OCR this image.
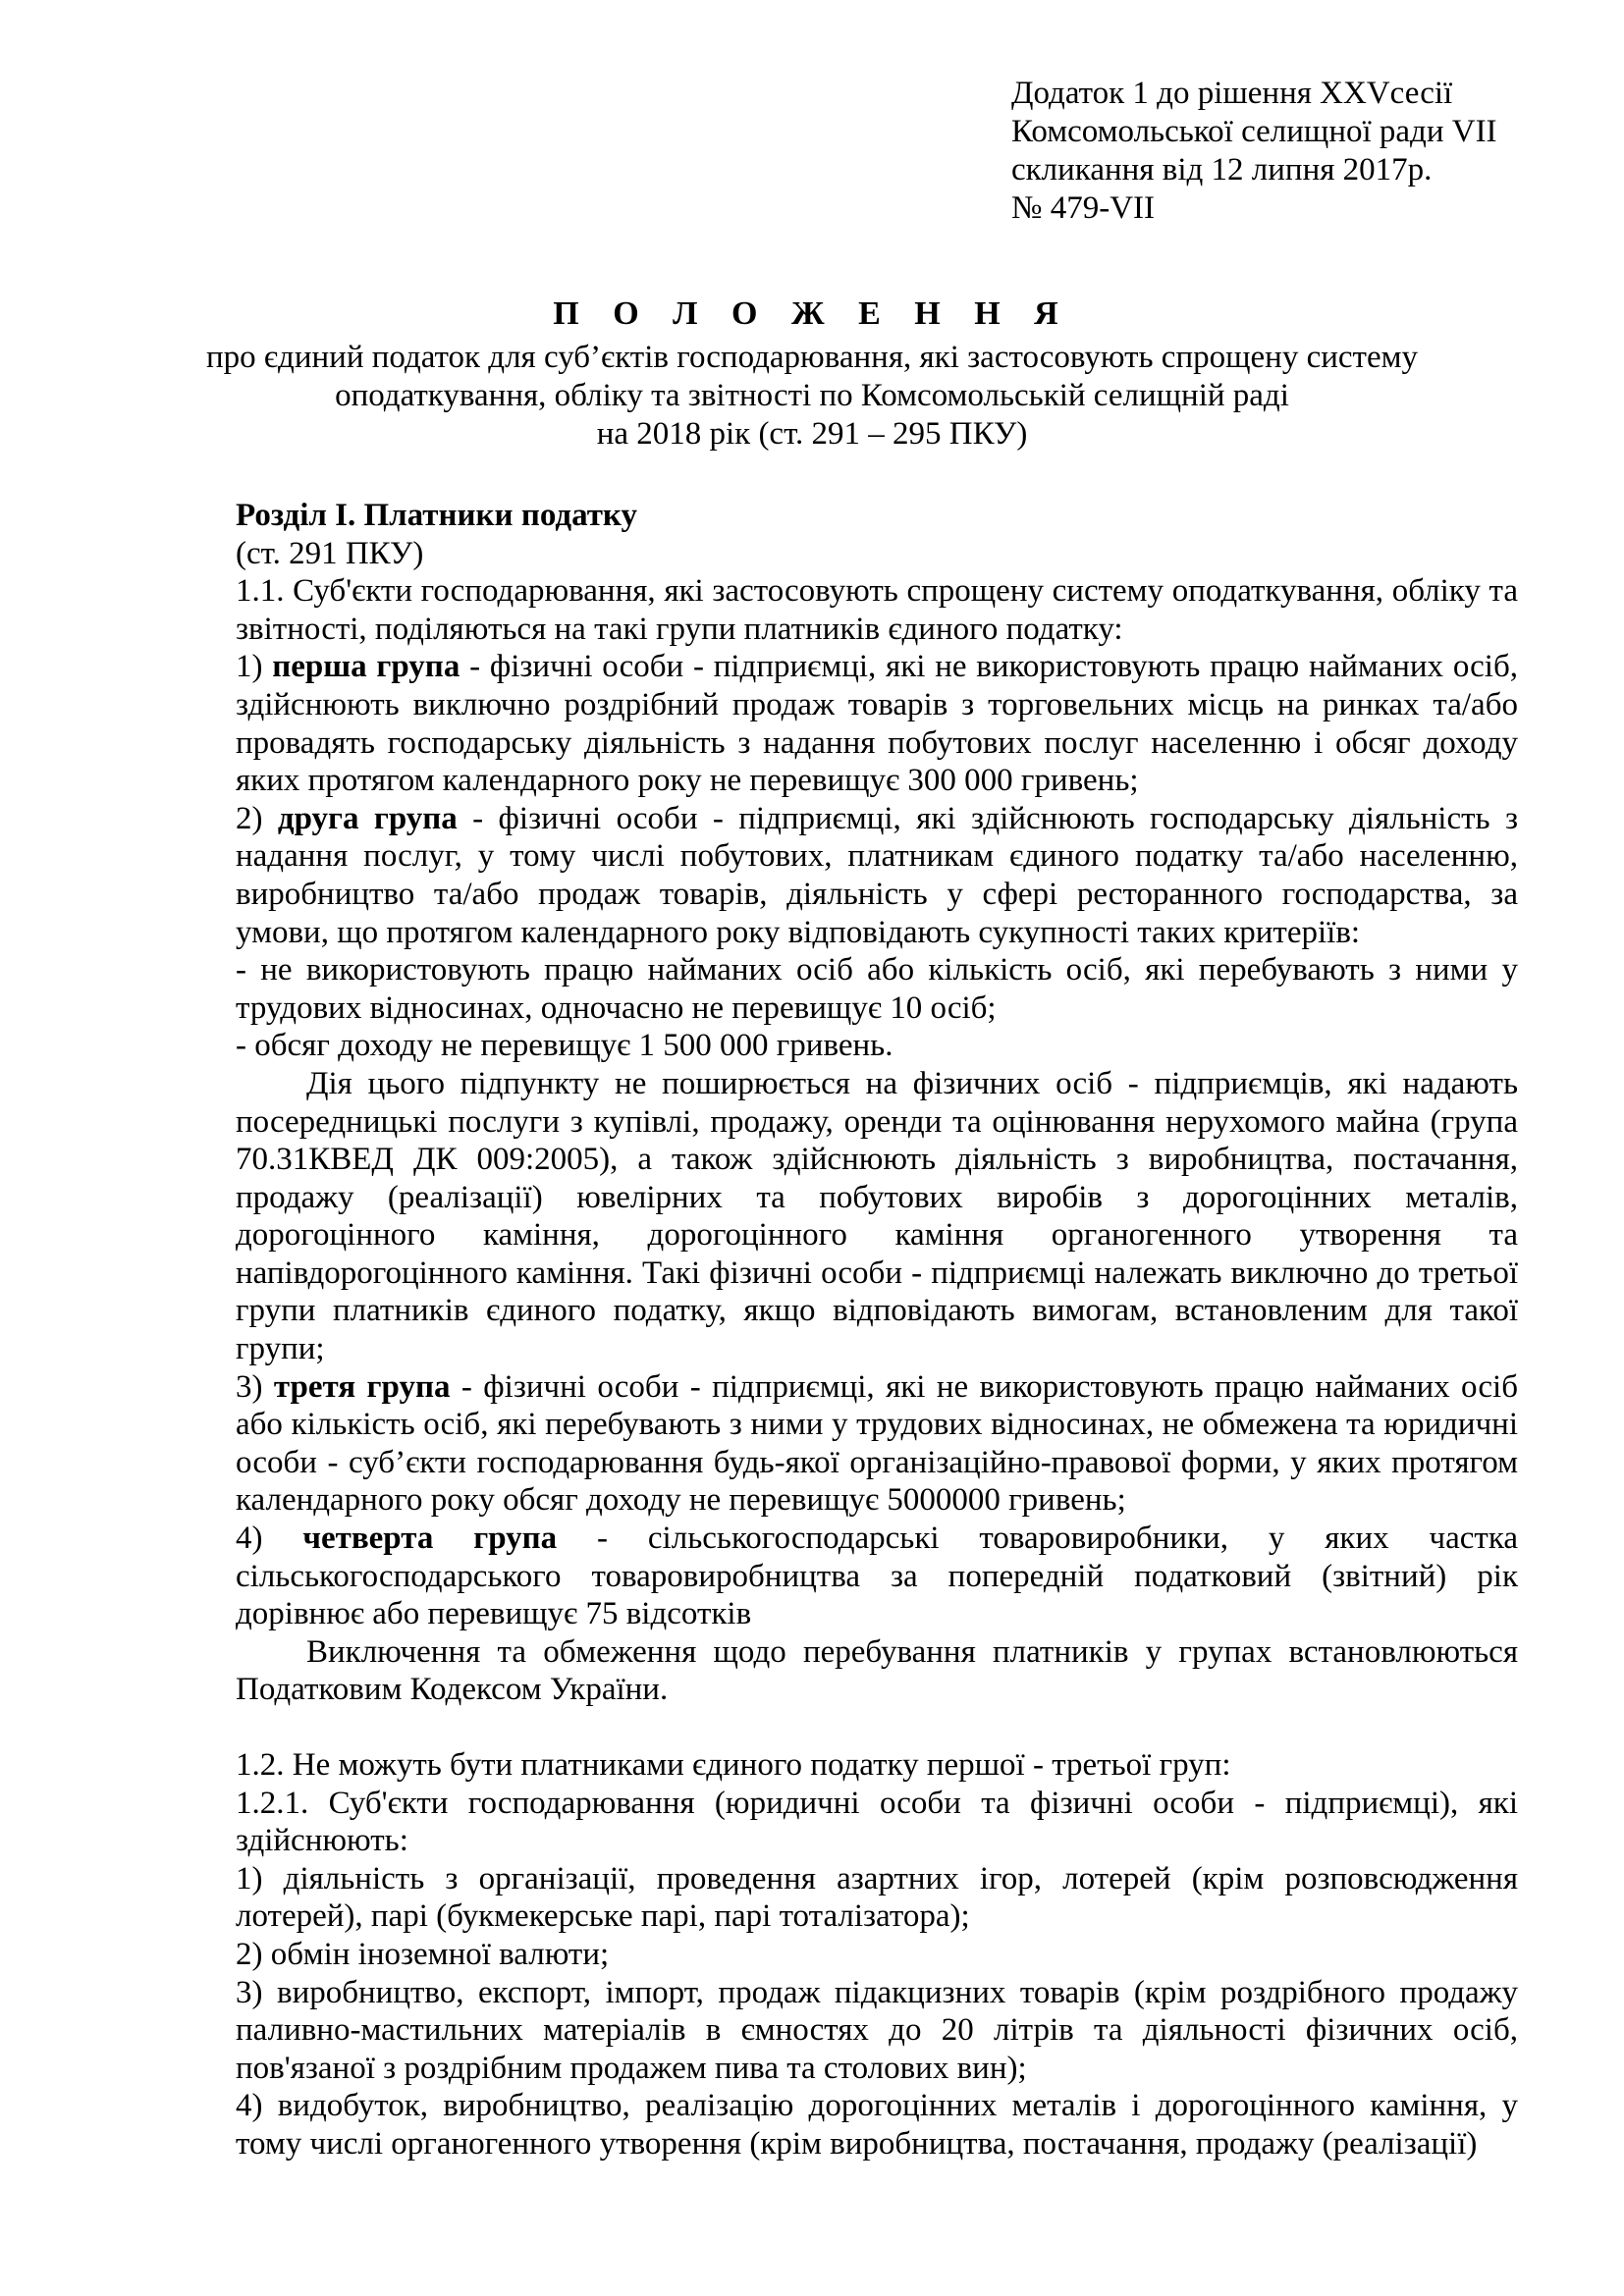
Додаток 1 до рішення XXVсесії
Комсомольської селищної ради VII
скликання від 12 липня 2017р.
№ 479-VII

П О Л О Ж Е Н Н Я

про єдиний податок для суб’єктів господарювання, які застосовують спрощену систему
оподаткування, обліку та звітності по Комсомольській селищній раді
на 2018 рік (ст. 291 – 295 ПКУ)

Розділ І. Платники податку

(ст. 291 ПКУ)

1.1. Суб'єкти господарювання, які застосовують спрощену систему оподаткування, обліку та звітності, поділяються на такі групи платників єдиного податку:

1) перша група - фізичні особи - підприємці, які не використовують працю найманих осіб, здійснюють виключно роздрібний продаж товарів з торговельних місць на ринках та/або провадять господарську діяльність з надання побутових послуг населенню і обсяг доходу яких протягом календарного року не перевищує 300 000 гривень;

2) друга група - фізичні особи - підприємці, які здійснюють господарську діяльність з надання послуг, у тому числі побутових, платникам єдиного податку та/або населенню, виробництво та/або продаж товарів, діяльність у сфері ресторанного господарства, за умови, що протягом календарного року відповідають сукупності таких критеріїв:

- не використовують працю найманих осіб або кількість осіб, які перебувають з ними у трудових відносинах, одночасно не перевищує 10 осіб;

- обсяг доходу не перевищує 1 500 000 гривень.

Дія цього підпункту не поширюється на фізичних осіб - підприємців, які надають посередницькі послуги з купівлі, продажу, оренди та оцінювання нерухомого майна (група 70.31КВЕД ДК 009:2005), а також здійснюють діяльність з виробництва, постачання, продажу (реалізації) ювелірних та побутових виробів з дорогоцінних металів, дорогоцінного каміння, дорогоцінного каміння органогенного утворення та напівдорогоцінного каміння. Такі фізичні особи - підприємці належать виключно до третьої групи платників єдиного податку, якщо відповідають вимогам, встановленим для такої групи;

3) третя група - фізичні особи - підприємці, які не використовують працю найманих осіб або кількість осіб, які перебувають з ними у трудових відносинах, не обмежена та юридичні особи - суб’єкти господарювання будь-якої організаційно-правової форми, у яких протягом календарного року обсяг доходу не перевищує 5000000 гривень;

4) четверта група - сільськогосподарські товаровиробники, у яких частка сільськогосподарського товаровиробництва за попередній податковий (звітний) рік дорівнює або перевищує 75 відсотків

Виключення та обмеження щодо перебування платників у групах встановлюються Податковим Кодексом України.

1.2. Не можуть бути платниками єдиного податку першої - третьої груп:

1.2.1. Суб'єкти господарювання (юридичні особи та фізичні особи - підприємці), які здійснюють:

1) діяльність з організації, проведення азартних ігор, лотерей (крім розповсюдження лотерей), парі (букмекерське парі, парі тоталізатора);

2) обмін іноземної валюти;

3) виробництво, експорт, імпорт, продаж підакцизних товарів (крім роздрібного продажу паливно-мастильних матеріалів в ємностях до 20 літрів та діяльності фізичних осіб, пов'язаної з роздрібним продажем пива та столових вин);

4) видобуток, виробництво, реалізацію дорогоцінних металів і дорогоцінного каміння, у тому числі органогенного утворення (крім виробництва, постачання, продажу (реалізації)
